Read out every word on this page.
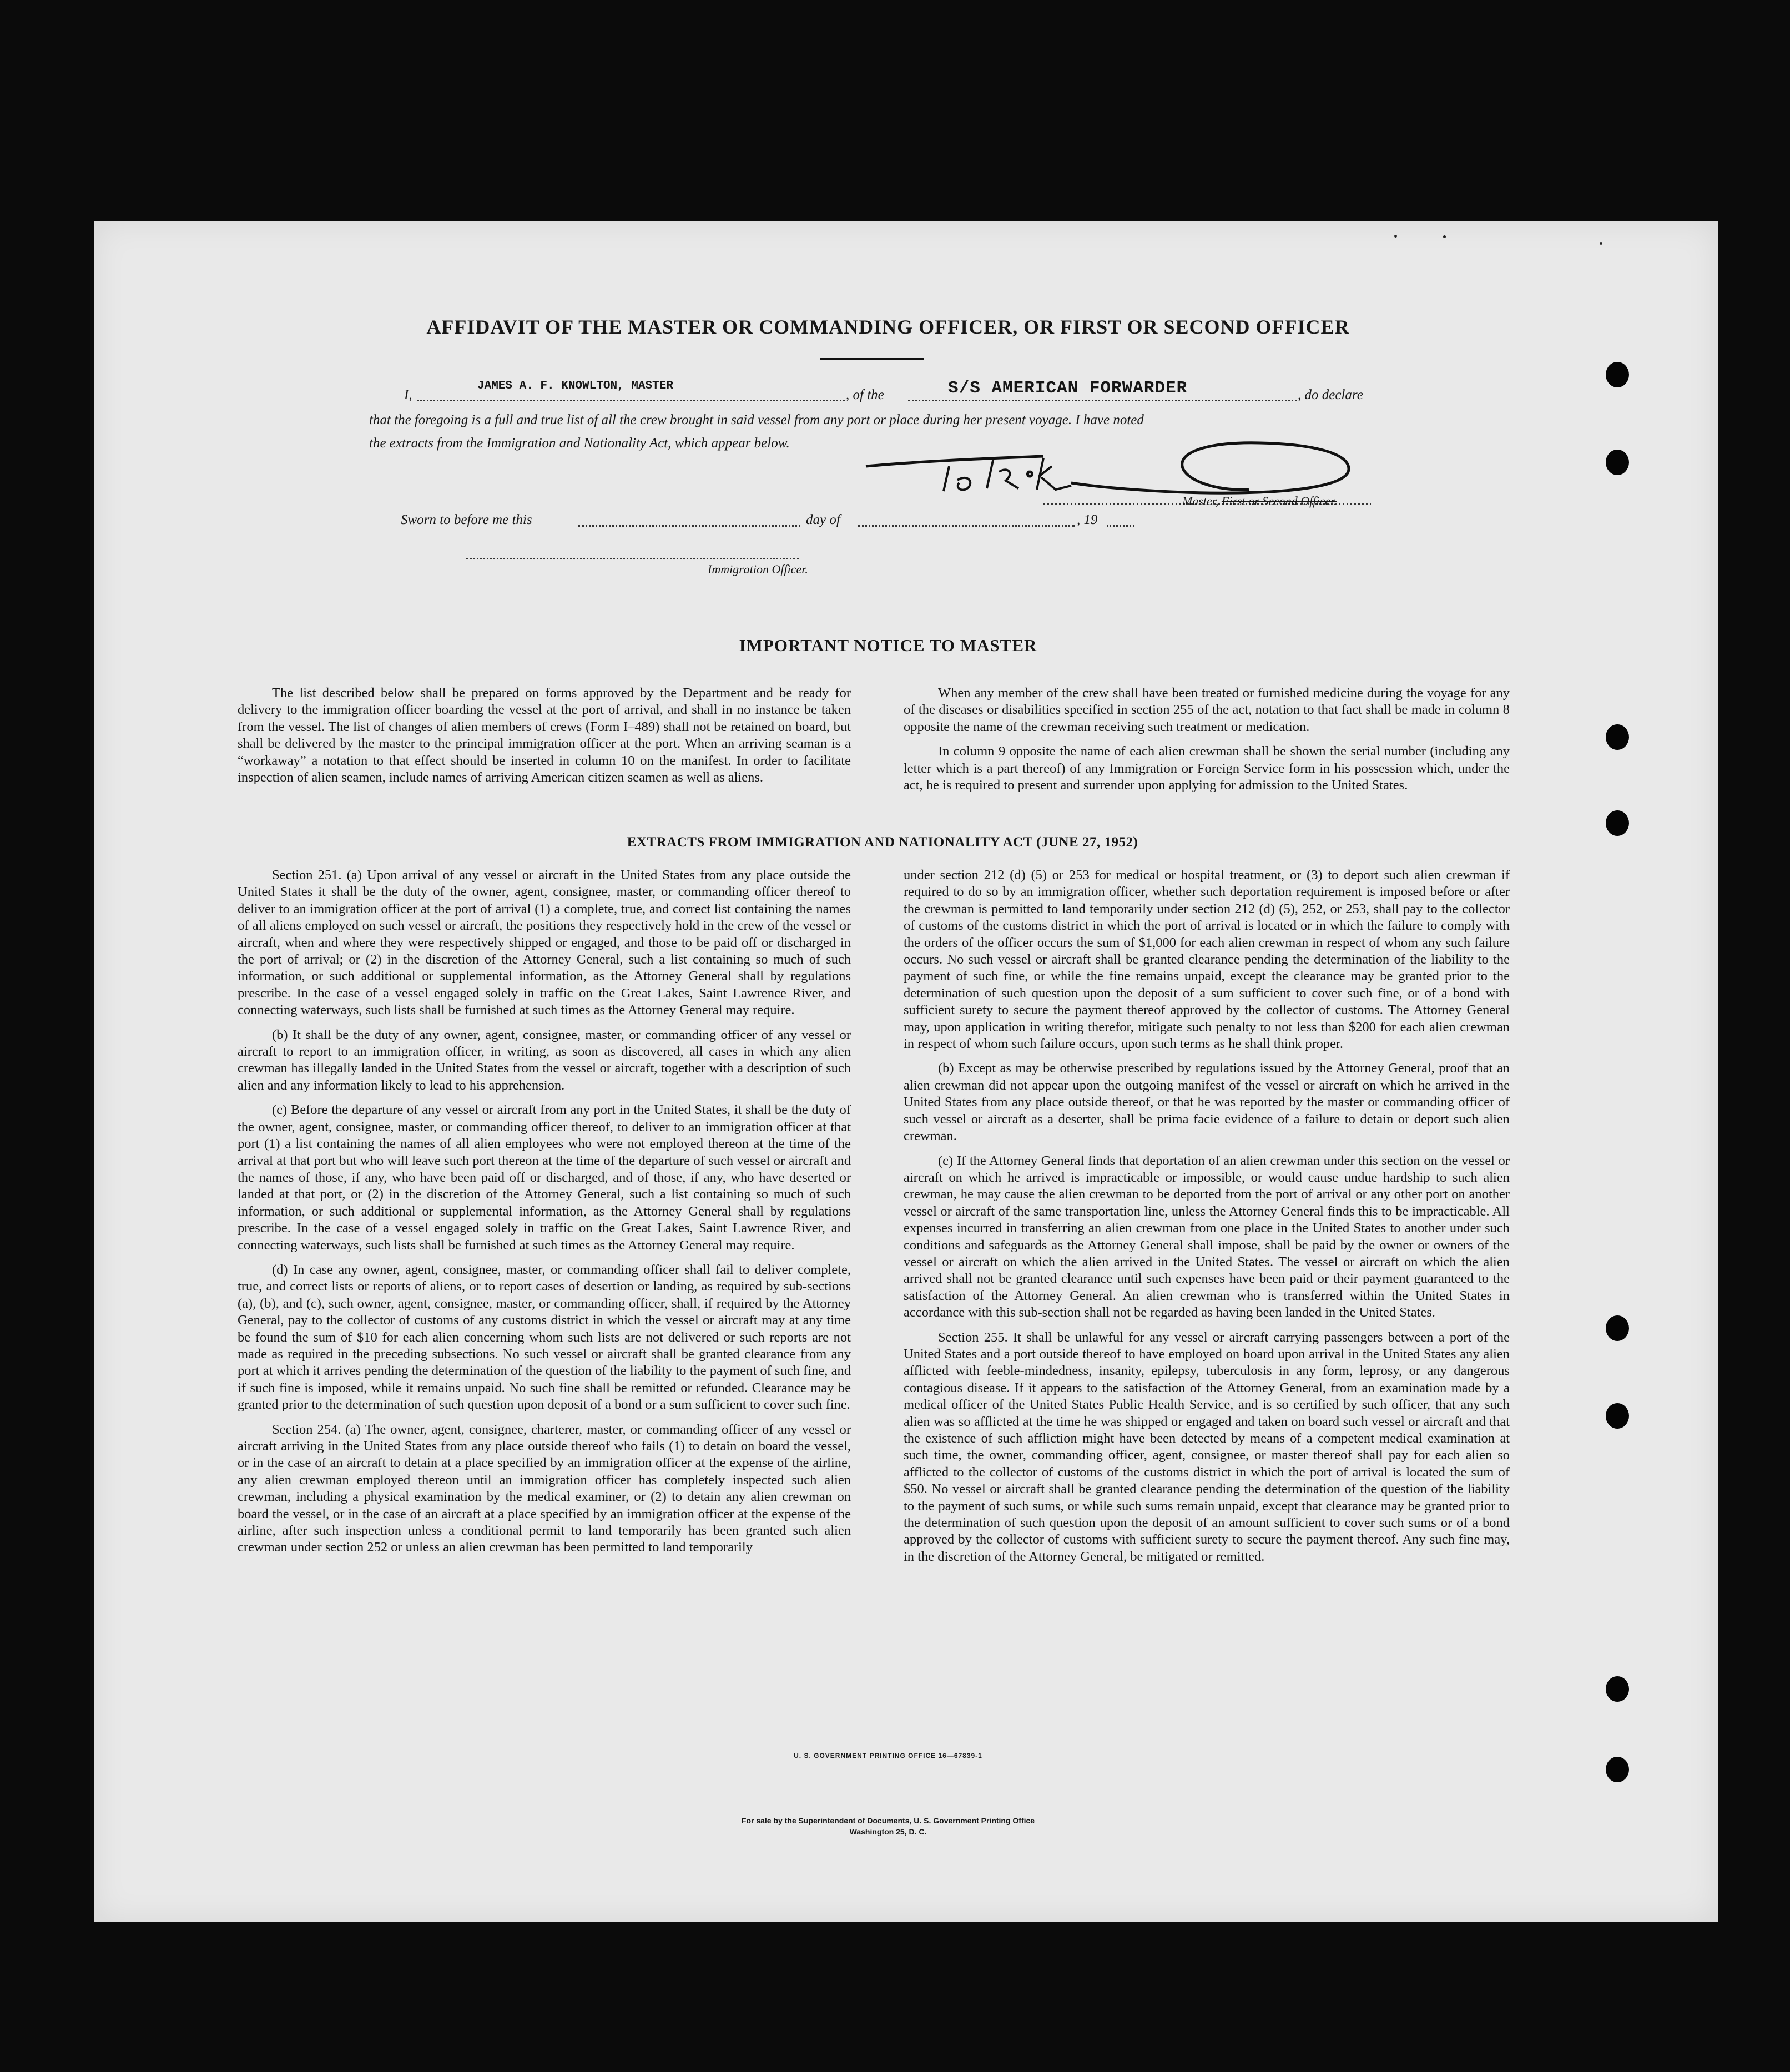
AFFIDAVIT OF THE MASTER OR COMMANDING OFFICER, OR FIRST OR SECOND OFFICER
I,
JAMES A. F. KNOWLTON, MASTER
, of the	S/S AMERICAN FORWARDER	, do declare
that the foregoing is a full and true list of all the crew brought in said vessel from any port or place during her present voyage. I have noted
the extracts from the Immigration and Nationality Act, which appear below.
Master, First or Second Officer.
Sworn to before me this	day of	, 19
Immigration Officer.
IMPORTANT NOTICE TO MASTER

The list described below shall be prepared on forms approved by the Department and be ready for delivery to the immigration officer boarding the vessel at the port of arrival, and shall in no instance be taken from the vessel. The list of changes of alien members of crews (Form I–489) shall not be retained on board, but shall be delivered by the master to the principal immigration officer at the port. When an arriving seaman is a “workaway” a notation to that effect should be inserted in column 10 on the manifest. In order to facilitate inspection of alien seamen, include names of arriving American citizen seamen as well as aliens.

When any member of the crew shall have been treated or furnished medicine during the voyage for any of the diseases or disabilities specified in section 255 of the act, notation to that fact shall be made in column 8 opposite the name of the crewman receiving such treatment or medication.

In column 9 opposite the name of each alien crewman shall be shown the serial number (including any letter which is a part thereof) of any Immigration or Foreign Service form in his possession which, under the act, he is required to present and surrender upon applying for admission to the United States.

EXTRACTS FROM IMMIGRATION AND NATIONALITY ACT (JUNE 27, 1952)

Section 251. (a) Upon arrival of any vessel or aircraft in the United States from any place outside the United States it shall be the duty of the owner, agent, consignee, master, or commanding officer thereof to deliver to an immigration officer at the port of arrival (1) a complete, true, and correct list containing the names of all aliens employed on such vessel or aircraft, the positions they respectively hold in the crew of the vessel or aircraft, when and where they were respectively shipped or engaged, and those to be paid off or discharged in the port of arrival; or (2) in the discretion of the Attorney General, such a list containing so much of such information, or such additional or supplemental information, as the Attorney General shall by regulations prescribe. In the case of a vessel engaged solely in traffic on the Great Lakes, Saint Lawrence River, and connecting waterways, such lists shall be furnished at such times as the Attorney General may require.

(b) It shall be the duty of any owner, agent, consignee, master, or commanding officer of any vessel or aircraft to report to an immigration officer, in writing, as soon as discovered, all cases in which any alien crewman has illegally landed in the United States from the vessel or aircraft, together with a description of such alien and any information likely to lead to his apprehension.

(c) Before the departure of any vessel or aircraft from any port in the United States, it shall be the duty of the owner, agent, consignee, master, or commanding officer thereof, to deliver to an immigration officer at that port (1) a list containing the names of all alien employees who were not employed thereon at the time of the arrival at that port but who will leave such port thereon at the time of the departure of such vessel or aircraft and the names of those, if any, who have been paid off or discharged, and of those, if any, who have deserted or landed at that port, or (2) in the discretion of the Attorney General, such a list containing so much of such information, or such additional or supplemental information, as the Attorney General shall by regulations prescribe. In the case of a vessel engaged solely in traffic on the Great Lakes, Saint Lawrence River, and connecting waterways, such lists shall be furnished at such times as the Attorney General may require.

(d) In case any owner, agent, consignee, master, or commanding officer shall fail to deliver complete, true, and correct lists or reports of aliens, or to report cases of desertion or landing, as required by sub-sections (a), (b), and (c), such owner, agent, consignee, master, or commanding officer, shall, if required by the Attorney General, pay to the collector of customs of any customs district in which the vessel or aircraft may at any time be found the sum of $10 for each alien concerning whom such lists are not delivered or such reports are not made as required in the preceding subsections. No such vessel or aircraft shall be granted clearance from any port at which it arrives pending the determination of the question of the liability to the payment of such fine, and if such fine is imposed, while it remains unpaid. No such fine shall be remitted or refunded. Clearance may be granted prior to the determination of such question upon deposit of a bond or a sum sufficient to cover such fine.

Section 254. (a) The owner, agent, consignee, charterer, master, or commanding officer of any vessel or aircraft arriving in the United States from any place outside thereof who fails (1) to detain on board the vessel, or in the case of an aircraft to detain at a place specified by an immigration officer at the expense of the airline, any alien crewman employed thereon until an immigration officer has completely inspected such alien crewman, including a physical examination by the medical examiner, or (2) to detain any alien crewman on board the vessel, or in the case of an aircraft at a place specified by an immigration officer at the expense of the airline, after such inspection unless a conditional permit to land temporarily has been granted such alien crewman under section 252 or unless an alien crewman has been permitted to land temporarily

under section 212 (d) (5) or 253 for medical or hospital treatment, or (3) to deport such alien crewman if required to do so by an immigration officer, whether such deportation requirement is imposed before or after the crewman is permitted to land temporarily under section 212 (d) (5), 252, or 253, shall pay to the collector of customs of the customs district in which the port of arrival is located or in which the failure to comply with the orders of the officer occurs the sum of $1,000 for each alien crewman in respect of whom any such failure occurs. No such vessel or aircraft shall be granted clearance pending the determination of the liability to the payment of such fine, or while the fine remains unpaid, except the clearance may be granted prior to the determination of such question upon the deposit of a sum sufficient to cover such fine, or of a bond with sufficient surety to secure the payment thereof approved by the collector of customs. The Attorney General may, upon application in writing therefor, mitigate such penalty to not less than $200 for each alien crewman in respect of whom such failure occurs, upon such terms as he shall think proper.

(b) Except as may be otherwise prescribed by regulations issued by the Attorney General, proof that an alien crewman did not appear upon the outgoing manifest of the vessel or aircraft on which he arrived in the United States from any place outside thereof, or that he was reported by the master or commanding officer of such vessel or aircraft as a deserter, shall be prima facie evidence of a failure to detain or deport such alien crewman.

(c) If the Attorney General finds that deportation of an alien crewman under this section on the vessel or aircraft on which he arrived is impracticable or impossible, or would cause undue hardship to such alien crewman, he may cause the alien crewman to be deported from the port of arrival or any other port on another vessel or aircraft of the same transportation line, unless the Attorney General finds this to be impracticable. All expenses incurred in transferring an alien crewman from one place in the United States to another under such conditions and safeguards as the Attorney General shall impose, shall be paid by the owner or owners of the vessel or aircraft on which the alien arrived in the United States. The vessel or aircraft on which the alien arrived shall not be granted clearance until such expenses have been paid or their payment guaranteed to the satisfaction of the Attorney General. An alien crewman who is transferred within the United States in accordance with this sub-section shall not be regarded as having been landed in the United States.

Section 255. It shall be unlawful for any vessel or aircraft carrying passengers between a port of the United States and a port outside thereof to have employed on board upon arrival in the United States any alien afflicted with feeble-mindedness, insanity, epilepsy, tuberculosis in any form, leprosy, or any dangerous contagious disease. If it appears to the satisfaction of the Attorney General, from an examination made by a medical officer of the United States Public Health Service, and is so certified by such officer, that any such alien was so afflicted at the time he was shipped or engaged and taken on board such vessel or aircraft and that the existence of such affliction might have been detected by means of a competent medical examination at such time, the owner, commanding officer, agent, consignee, or master thereof shall pay for each alien so afflicted to the collector of customs of the customs district in which the port of arrival is located the sum of $50. No vessel or aircraft shall be granted clearance pending the determination of the question of the liability to the payment of such sums, or while such sums remain unpaid, except that clearance may be granted prior to the determination of such question upon the deposit of an amount sufficient to cover such sums or of a bond approved by the collector of customs with sufficient surety to secure the payment thereof. Any such fine may, in the discretion of the Attorney General, be mitigated or remitted.

U. S. GOVERNMENT PRINTING OFFICE 16—67839-1
For sale by the Superintendent of Documents, U. S. Government Printing Office
Washington 25, D. C.
